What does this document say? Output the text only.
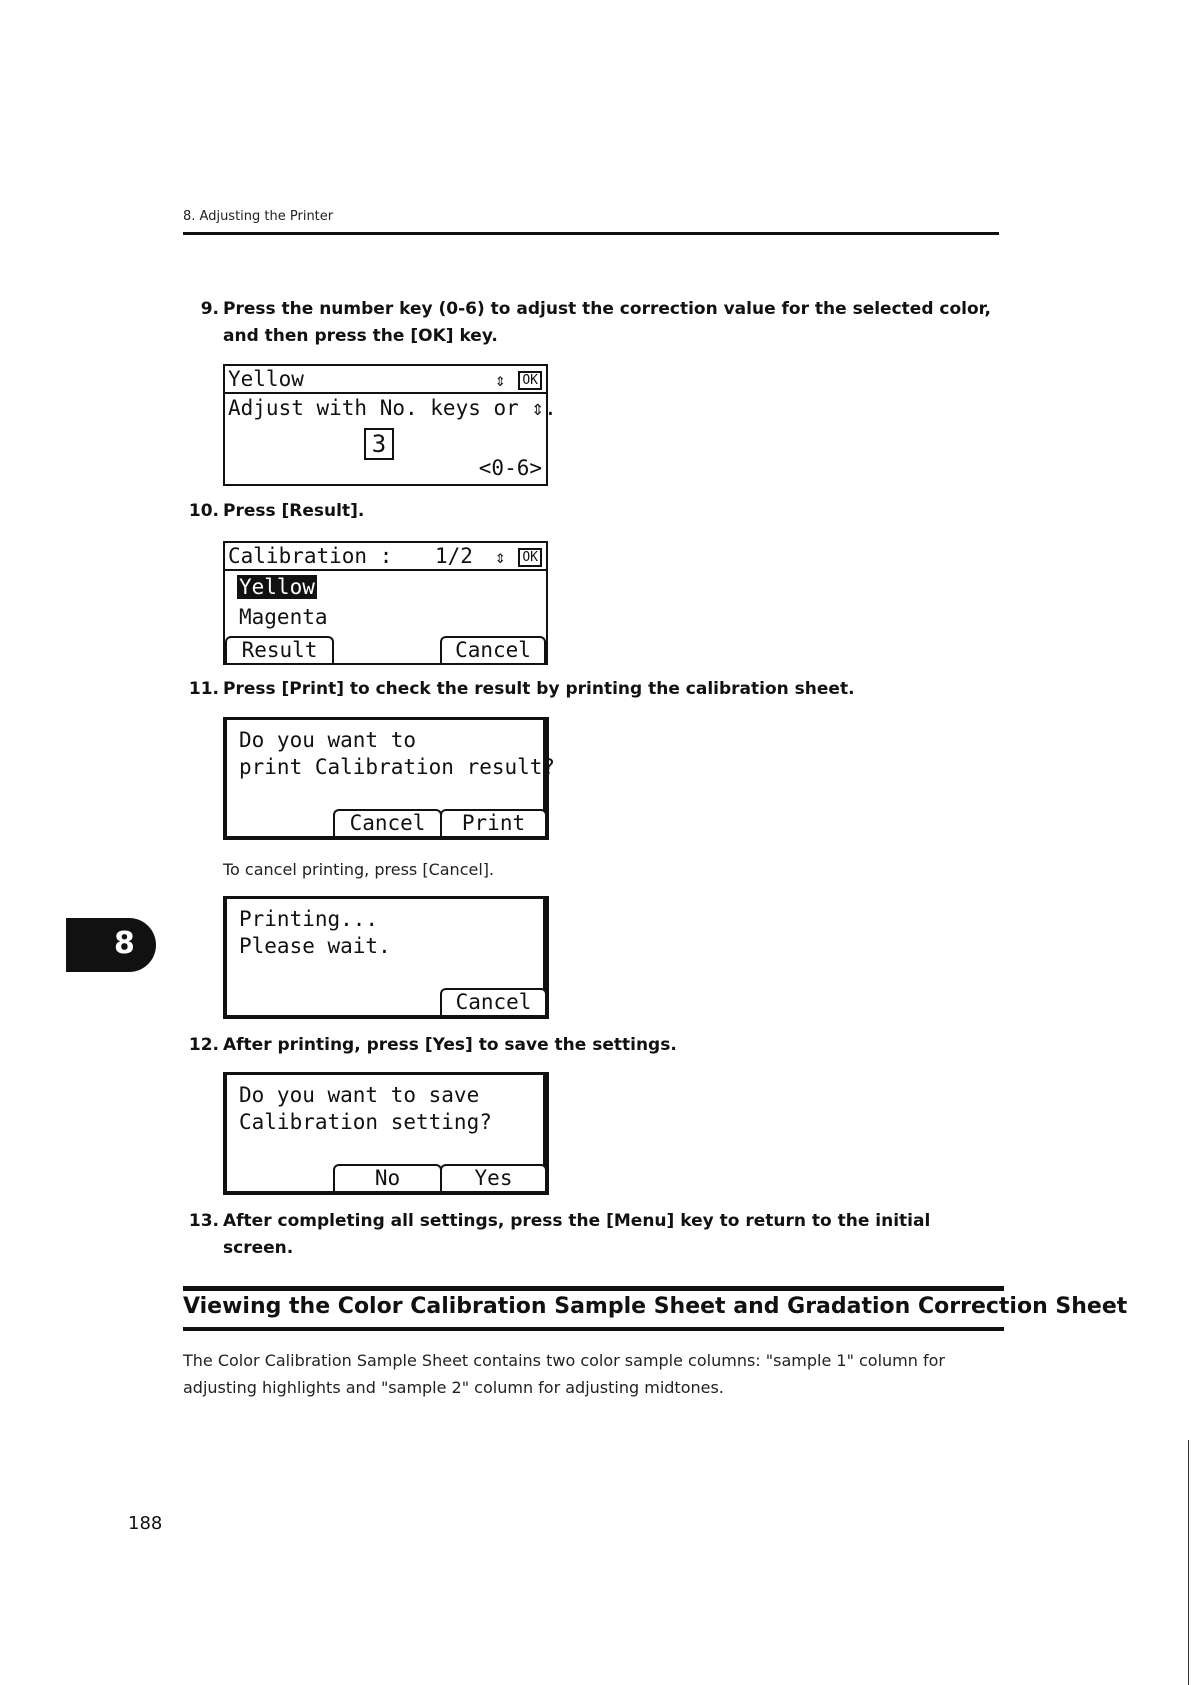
8. Adjusting the Printer
9. Press the number key (0-6) to adjust the correction value for the selected color, and then press the [OK] key.
Yellow	⇕ OK
Adjust with No. keys or ⇕.
3
<0-6>
10. Press [Result].
Calibration : 1/2 ⇕ OK
Yellow
Magenta
Result	Cancel
11. Press [Print] to check the result by printing the calibration sheet.
Do you want to
print Calibration result?
Cancel	Print
To cancel printing, press [Cancel].
Printing...
Please wait.
Cancel
12. After printing, press [Yes] to save the settings.
Do you want to save
Calibration setting?
No	Yes
13. After completing all settings, press the [Menu] key to return to the initial screen.
Viewing the Color Calibration Sample Sheet and Gradation Correction Sheet
The Color Calibration Sample Sheet contains two color sample columns: "sample 1" column for adjusting highlights and "sample 2" column for adjusting midtones.
8
188
